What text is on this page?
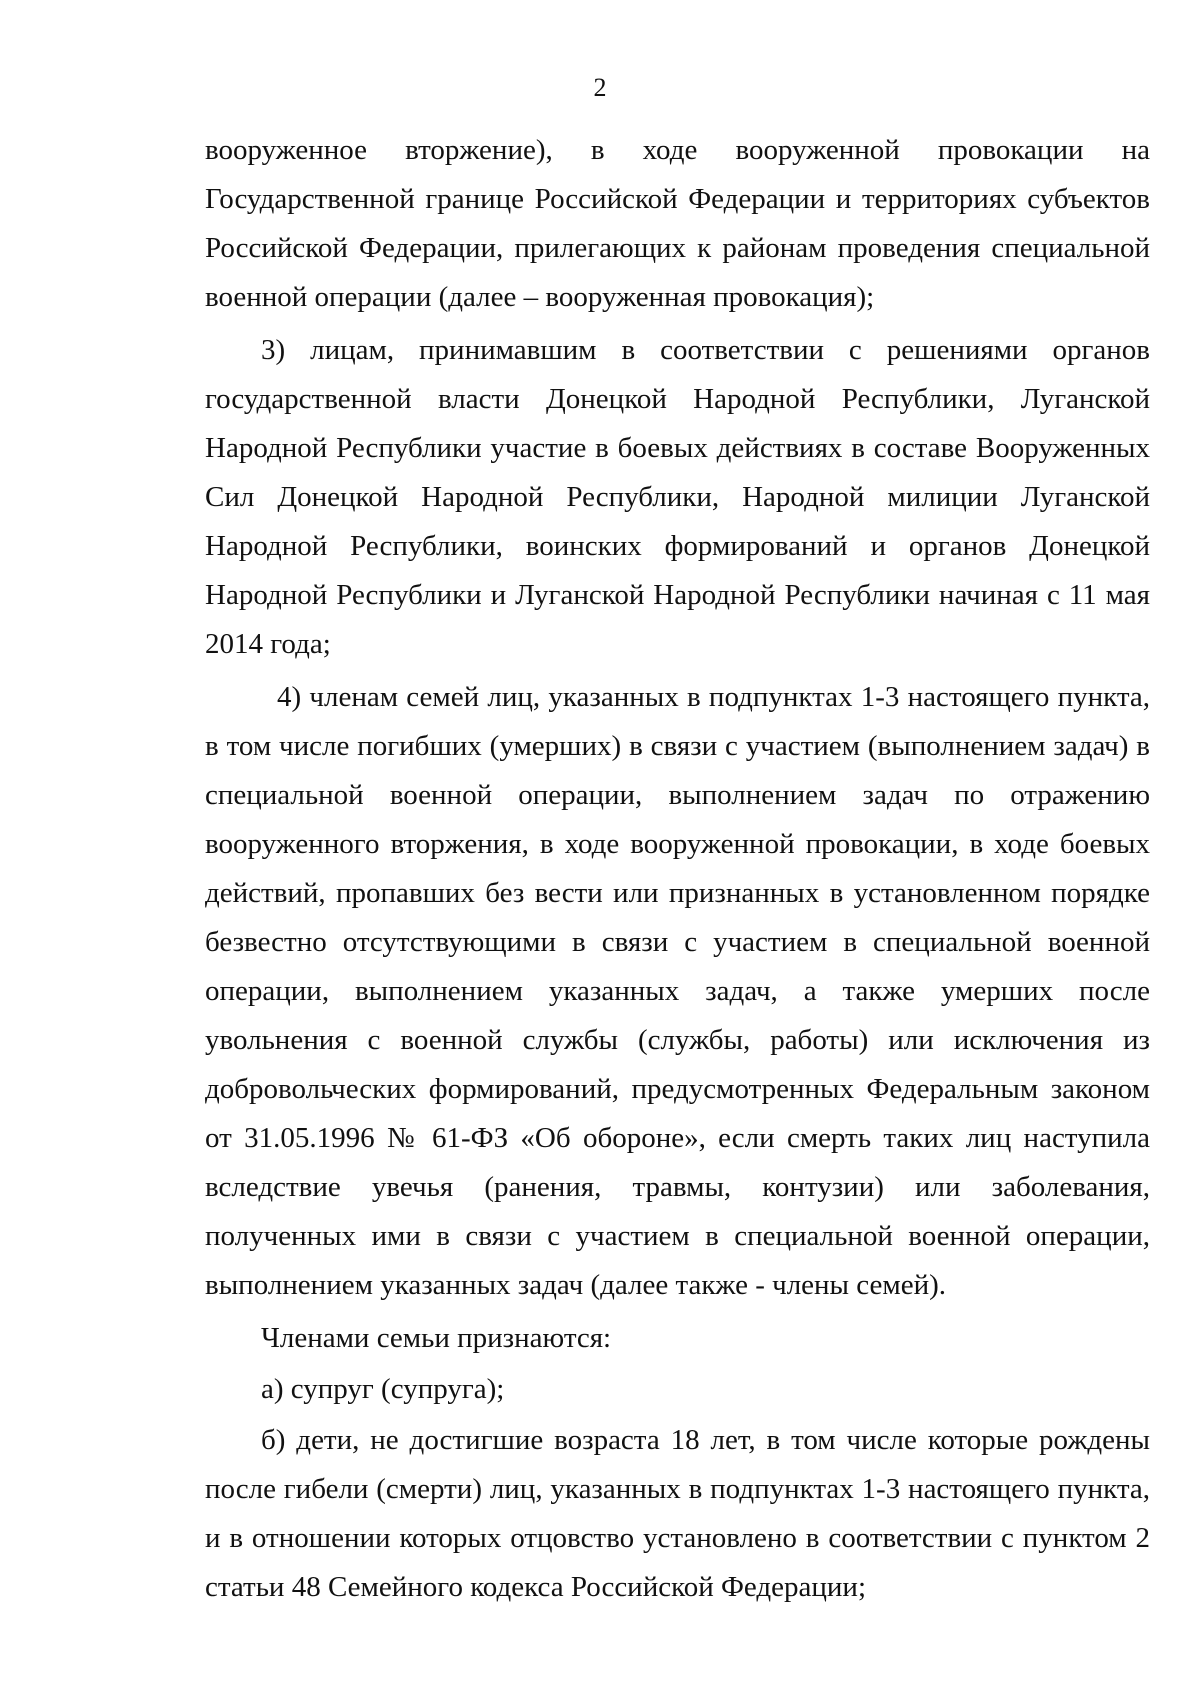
2

вооруженное вторжение), в ходе вооруженной провокации на Государственной границе Российской Федерации и территориях субъектов Российской Федерации, прилегающих к районам проведения специальной военной операции (далее – вооруженная провокация);

3) лицам, принимавшим в соответствии с решениями органов государственной власти Донецкой Народной Республики, Луганской Народной Республики участие в боевых действиях в составе Вооруженных Сил Донецкой Народной Республики, Народной милиции Луганской Народной Республики, воинских формирований и органов Донецкой Народной Республики и Луганской Народной Республики начиная с 11 мая 2014 года;

4) членам семей лиц, указанных в подпунктах 1-3 настоящего пункта, в том числе погибших (умерших) в связи с участием (выполнением задач) в специальной военной операции, выполнением задач по отражению вооруженного вторжения, в ходе вооруженной провокации, в ходе боевых действий, пропавших без вести или признанных в установленном порядке безвестно отсутствующими в связи с участием в специальной военной операции, выполнением указанных задач, а также умерших после увольнения с военной службы (службы, работы) или исключения из добровольческих формирований, предусмотренных Федеральным законом от 31.05.1996 № 61-ФЗ «Об обороне», если смерть таких лиц наступила вследствие увечья (ранения, травмы, контузии) или заболевания, полученных ими в связи с участием в специальной военной операции, выполнением указанных задач (далее также - члены семей).

Членами семьи признаются:

а) супруг (супруга);

б) дети, не достигшие возраста 18 лет, в том числе которые рождены после гибели (смерти) лиц, указанных в подпунктах 1-3 настоящего пункта, и в отношении которых отцовство установлено в соответствии с пунктом 2 статьи 48 Семейного кодекса Российской Федерации;
